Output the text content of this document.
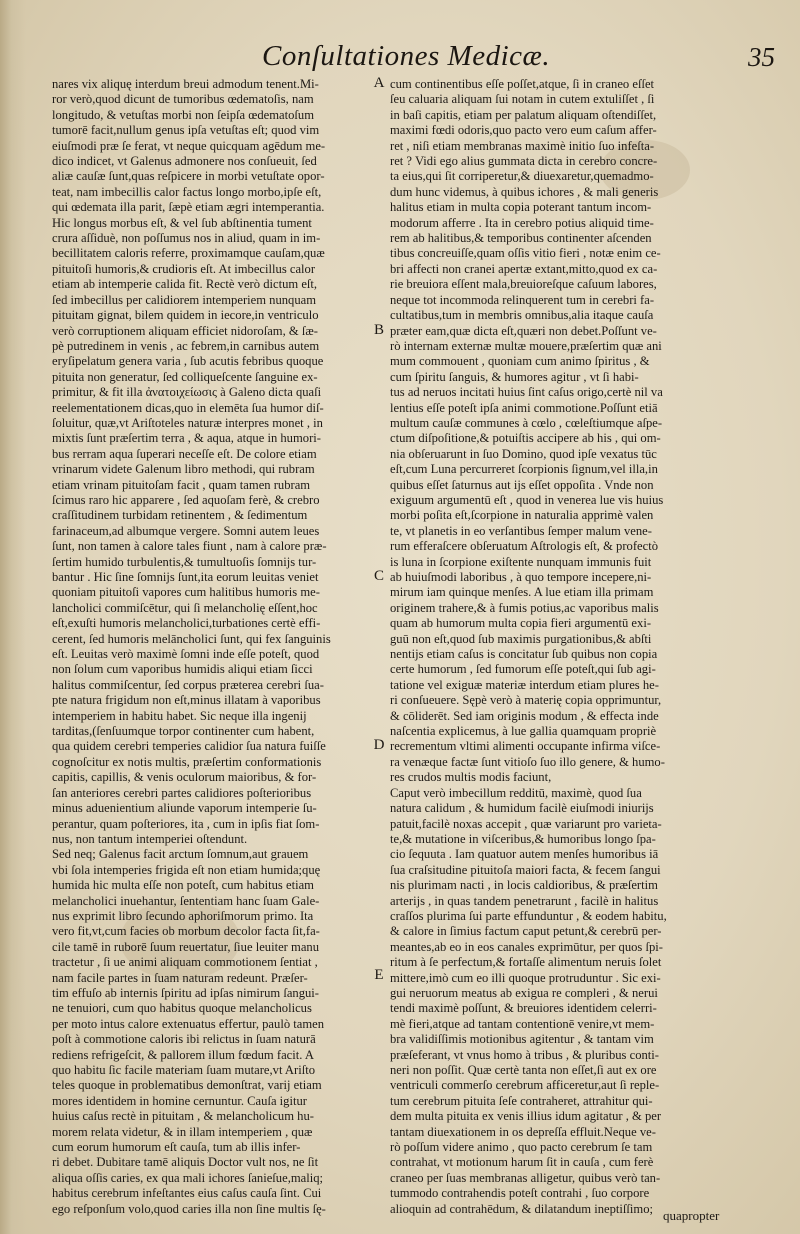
Conſultationes Medicæ.	35
nares vix aliquę interdum breui admodum tenent.Mi-
ror verò,quod dicunt de tumoribus œdematoſis, nam
longitudo, & vetuſtas morbi non ſeipſa œdematoſum
tumorē facit,nullum genus ipſa vetuſtas eſt; quod vim
eiuſmodi præ ſe ferat, vt neque quicquam agēdum me-
dico indicet, vt Galenus admonere nos conſueuit, ſed
aliæ cauſæ ſunt,quas reſpicere in morbi vetuſtate opor-
teat, nam imbecillis calor factus longo morbo,ipſe eſt,
qui œdemata illa parit, ſæpè etiam ægri intemperantia.
Hic longus morbus eſt, & vel ſub abſtinentia tument
crura aſſiduè, non poſſumus nos in aliud, quam in im-
becillitatem caloris referre, proximamque cauſam,quæ
pituitoſi humoris,& crudioris eſt. At imbecillus calor
etiam ab intemperie calida fit. Rectè verò dictum eſt,
ſed imbecillus per calidiorem intemperiem nunquam
pituitam gignat, bilem quidem in iecore,in ventriculo
verò corruptionem aliquam efficiet nidoroſam, & ſæ-
pè putredinem in venis , ac febrem,in carnibus autem
eryſipelatum genera varia , ſub acutis febribus quoque
pituita non generatur, ſed colliqueſcente ſanguine ex-
primitur, & fit illa ἀνατοιχείωσις à Galeno dicta quaſi
reelementationem dicas,quo in elemēta ſua humor diſ-
ſoluitur, quæ,vt Ariſtoteles naturæ interpres monet , in
mixtis ſunt præſertim terra , & aqua, atque in humori-
bus rerram aqua ſuperari neceſſe eſt. De colore etiam
vrinarum videte Galenum libro methodi, qui rubram
etiam vrinam pituitoſam facit , quam tamen rubram
ſcimus raro hic apparere , ſed aquoſam ferè, & crebro
craſſitudinem turbidam retinentem , & ſedimentum
farinaceum,ad albumque vergere. Somni autem leues
ſunt, non tamen à calore tales fiunt , nam à calore præ-
ſertim humido turbulentis,& tumultuoſis ſomnijs tur-
bantur . Hic ſine ſomnijs ſunt,ita eorum leuitas veniet
quoniam pituitoſi vapores cum halitibus humoris me-
lancholici commiſcētur, qui ſi melancholię eſſent,hoc
eſt,exuſti humoris melancholici,turbationes certè effi-
cerent, ſed humoris melāncholici ſunt, qui fex ſanguinis
eſt. Leuitas verò maximè ſomni inde eſſe poteſt, quod
non ſolum cum vaporibus humidis aliqui etiam ſicci
halitus commiſcentur, ſed corpus præterea cerebri ſua-
pte natura frigidum non eſt,minus illatam à vaporibus
intemperiem in habitu habet. Sic neque illa ingenij
tarditas,(ſenſuumque torpor continenter cum habent,
qua quidem cerebri temperies calidior ſua natura fuiſſe
cognoſcitur ex notis multis, præſertim conformationis
capitis, capillis, & venis oculorum maioribus, & for-
ſan anteriores cerebri partes calidiores poſterioribus
minus aduenientium aliunde vaporum intemperie ſu-
perantur, quam poſteriores, ita , cum in ipſis fiat ſom-
nus, non tantum intemperiei oſtendunt.
Sed neq; Galenus facit arctum ſomnum,aut grauem
vbi ſola intemperies frigida eſt non etiam humida;quę
humida hic multa eſſe non poteſt, cum habitus etiam
melancholici inuehantur, ſententiam hanc ſuam Gale-
nus exprimit libro ſecundo aphoriſmorum primo. Ita
vero fit,vt,cum facies ob morbum decolor facta ſit,fa-
cile tamē in ruborē ſuum reuertatur, ſiue leuiter manu
tractetur , ſi ue animi aliquam commotionem ſentiat ,
nam facile partes in ſuam naturam redeunt. Præſer-
tim effuſo ab internis ſpiritu ad ipſas nimirum ſangui-
ne tenuiori, cum quo habitus quoque melancholicus
per moto intus calore extenuatus effertur, paulò tamen
poſt à commotione caloris ibi relictus in ſuam naturā
rediens refrigeſcit, & pallorem illum fœdum facit. A
quo habitu ſic facile materiam ſuam mutare,vt Ariſto
teles quoque in problematibus demonſtrat, varij etiam
mores identidem in homine cernuntur. Cauſa igitur
huius caſus rectè in pituitam , & melancholicum hu-
morem relata videtur, & in illam intemperiem , quæ
cum eorum humorum eſt cauſa, tum ab illis infer-
ri debet. Dubitare tamē aliquis Doctor vult nos, ne ſit
aliqua oſſis caries, ex qua mali ichores ſanieſue,maliq;
habitus cerebrum infeſtantes eius caſus cauſa ſint. Cui
ego reſponſum volo,quod caries illa non ſine multis ſę-
cum continentibus eſſe poſſet,atque, ſi in craneo eſſet
ſeu caluaria aliquam ſui notam in cutem extuliſſet , ſi
in baſi capitis, etiam per palatum aliquam oſtendiſſet,
maximi fœdi odoris,quo pacto vero eum caſum affer-
ret , niſi etiam membranas maximè initio ſuo infeſta-
ret ? Vidi ego alius gummata dicta in cerebro concre-
ta eius,qui ſit corriperetur,& diuexaretur,quemadmo-
dum hunc videmus, à quibus ichores , & mali generis
halitus etiam in multa copia poterant tantum incom-
modorum afferre . Ita in cerebro potius aliquid time-
rem ab halitibus,& temporibus continenter aſcenden
tibus concreuiſſe,quam oſſis vitio fieri , notæ enim ce-
bri affecti non cranei apertæ extant,mitto,quod ex ca-
rie breuiora eſſent mala,breuioreſque caſuum labores,
neque tot incommoda relinquerent tum in cerebri fa-
cultatibus,tum in membris omnibus,alia itaque cauſa
præter eam,quæ dicta eſt,quæri non debet.Poſſunt ve-
rò internam externæ multæ mouere,præſertim quæ ani
mum commouent , quoniam cum animo ſpiritus , &
cum ſpiritu ſanguis, & humores agitur , vt ſi habi-
tus ad neruos incitati huius ſint caſus origo,certè nil va
lentius eſſe poteſt ipſa animi commotione.Poſſunt etiā
multum cauſæ communes à cœlo , cœleſtiumque aſpe-
ctum diſpoſitione,& potuiſtis accipere ab his , qui om-
nia obſeruarunt in ſuo Domino, quod ipſe vexatus tūc
eſt,cum Luna percurreret ſcorpionis ſignum,vel illa,in
quibus eſſet ſaturnus aut ijs eſſet oppoſita . Vnde non
exiguum argumentū eſt , quod in venerea lue vis huius
morbi poſita eſt,ſcorpione in naturalia apprimè valen
te, vt planetis in eo verſantibus ſemper malum vene-
rum efferaſcere obſeruatum Aſtrologis eſt, & profectò
is luna in ſcorpione exiſtente nunquam immunis fuit
ab huiuſmodi laboribus , à quo tempore incepere,ni-
mirum iam quinque menſes. A lue etiam illa primam
originem trahere,& à fumis potius,ac vaporibus malis
quam ab humorum multa copia fieri argumentū exi-
guū non eſt,quod ſub maximis purgationibus,& abſti
nentijs etiam caſus is concitatur ſub quibus non copia
certe humorum , ſed fumorum eſſe poteſt,qui ſub agi-
tatione vel exiguæ materiæ interdum etiam plures he-
ri conſueuere. Sępè verò à materię copia opprimuntur,
& cōliderēt. Sed iam originis modum , & effecta inde
naſcentia explicemus, à lue gallia quamquam propriè
recrementum vltimi alimenti occupante infirma viſce-
ra venæque factæ ſunt vitioſo ſuo illo genere, & humo-
res crudos multis modis faciunt,
Caput verò imbecillum redditū, maximè, quod ſua
natura calidum , & humidum facilè eiuſmodi iniurijs
patuit,facilè noxas accepit , quæ variarunt pro varieta-
te,& mutatione in viſceribus,& humoribus longo ſpa-
cio ſequuta . Iam quatuor autem menſes humoribus iā
ſua craſsitudine pituitoſa maiori facta, & fecem ſangui
nis plurimam nacti , in locis caldioribus, & præſertim
arterijs , in quas tandem penetrarunt , facilè in halitus
craſſos plurima ſui parte effunduntur , & eodem habitu,
& calore in ſimius factum caput petunt,& cerebrū per-
meantes,ab eo in eos canales exprimūtur, per quos ſpi-
ritum à ſe perfectum,& fortaſſe alimentum neruis ſolet
mittere,imò cum eo illi quoque protruduntur . Sic exi-
gui neruorum meatus ab exigua re compleri , & nerui
tendi maximè poſſunt, & breuiores identidem celerri-
mè fieri,atque ad tantam contentionē venire,vt mem-
bra validiſſimis motionibus agitentur , & tantam vim
præſeferant, vt vnus homo à tribus , & pluribus conti-
neri non poſſit. Quæ certè tanta non eſſet,ſi aut ex ore
ventriculi commerſo cerebrum afficeretur,aut ſi reple-
tum cerebrum pituita ſeſe contraheret, attrahitur qui-
dem multa pituita ex venis illius idum agitatur , & per
tantam diuexationem in os depreſſa effluit.Neque ve-
rò poſſum videre animo , quo pacto cerebrum ſe tam
contrahat, vt motionum harum ſit in cauſa , cum ferè
craneo per ſuas membranas alligetur, quibus verò tan-
tummodo contrahendis poteſt contrahi , ſuo corpore
alioquin ad contrahēdum, & dilatandum ineptiſſimo;
A
B
C
D
E
quapropter
